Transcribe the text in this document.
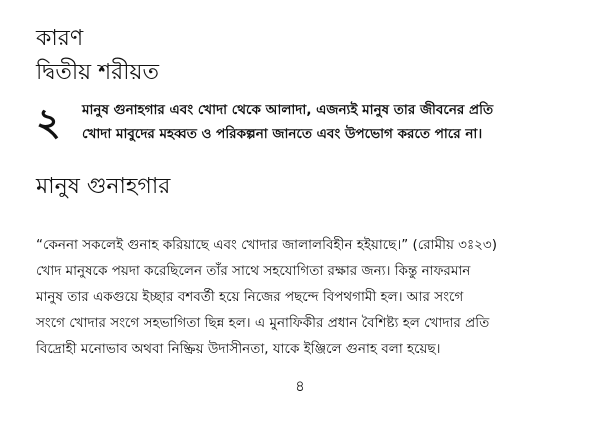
কারণ
দ্বিতীয় শরীয়ত
২ মানুষ গুনাহগার এবং খোদা থেকে আলাদা, এজন্যই মানুষ তার জীবনের প্রতি
খোদা মাবুদের মহব্বত ও পরিকল্পনা জানতে এবং উপভোগ করতে পারে না।
মানুষ গুনাহগার
“কেননা সকলেই গুনাহ করিয়াছে এবং খোদার জালালবিহীন হইয়াছে।” (রোমীয় ৩ঃ২৩)
খোদ মানুষকে পয়দা করেছিলেন তাঁর সাথে সহযোগিতা রক্ষার জন্য। কিন্তু নাফরমান
মানুষ তার একগুয়ে ইচ্ছার বশবর্তী হয়ে নিজের পছন্দে বিপথগামী হল। আর সংগে
সংগে খোদার সংগে সহভাগিতা ছিন্ন হল। এ মুনাফিকীর প্রধান বৈশিষ্ট্য হল খোদার প্রতি
বিদ্রোহী মনোভাব অথবা নিষ্ক্রিয় উদাসীনতা, যাকে ইঞ্জিলে গুনাহ বলা হয়েছ।
৪
